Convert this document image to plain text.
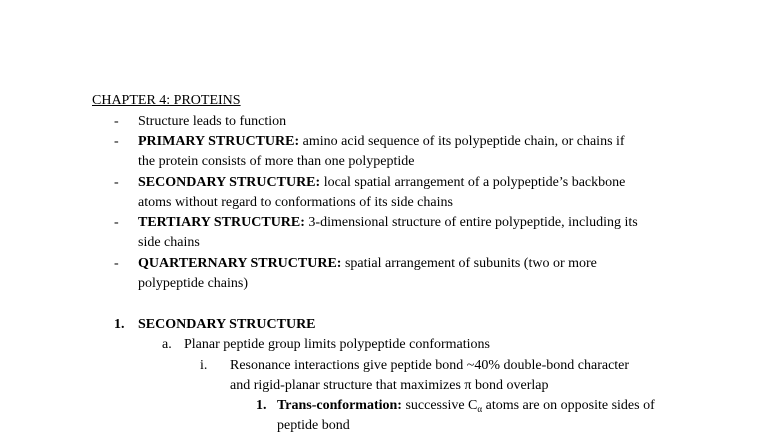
CHAPTER 4: PROTEINS
- Structure leads to function
- PRIMARY STRUCTURE: amino acid sequence of its polypeptide chain, or chains if
the protein consists of more than one polypeptide
- SECONDARY STRUCTURE: local spatial arrangement of a polypeptide’s backbone
atoms without regard to conformations of its side chains
- TERTIARY STRUCTURE: 3-dimensional structure of entire polypeptide, including its
side chains
- QUARTERNARY STRUCTURE: spatial arrangement of subunits (two or more
polypeptide chains)
1. SECONDARY STRUCTURE
a. Planar peptide group limits polypeptide conformations
i. Resonance interactions give peptide bond ~40% double-bond character
and rigid-planar structure that maximizes π bond overlap
1. Trans-conformation: successive $C_\alpha$ atoms are on opposite sides of
peptide bond
